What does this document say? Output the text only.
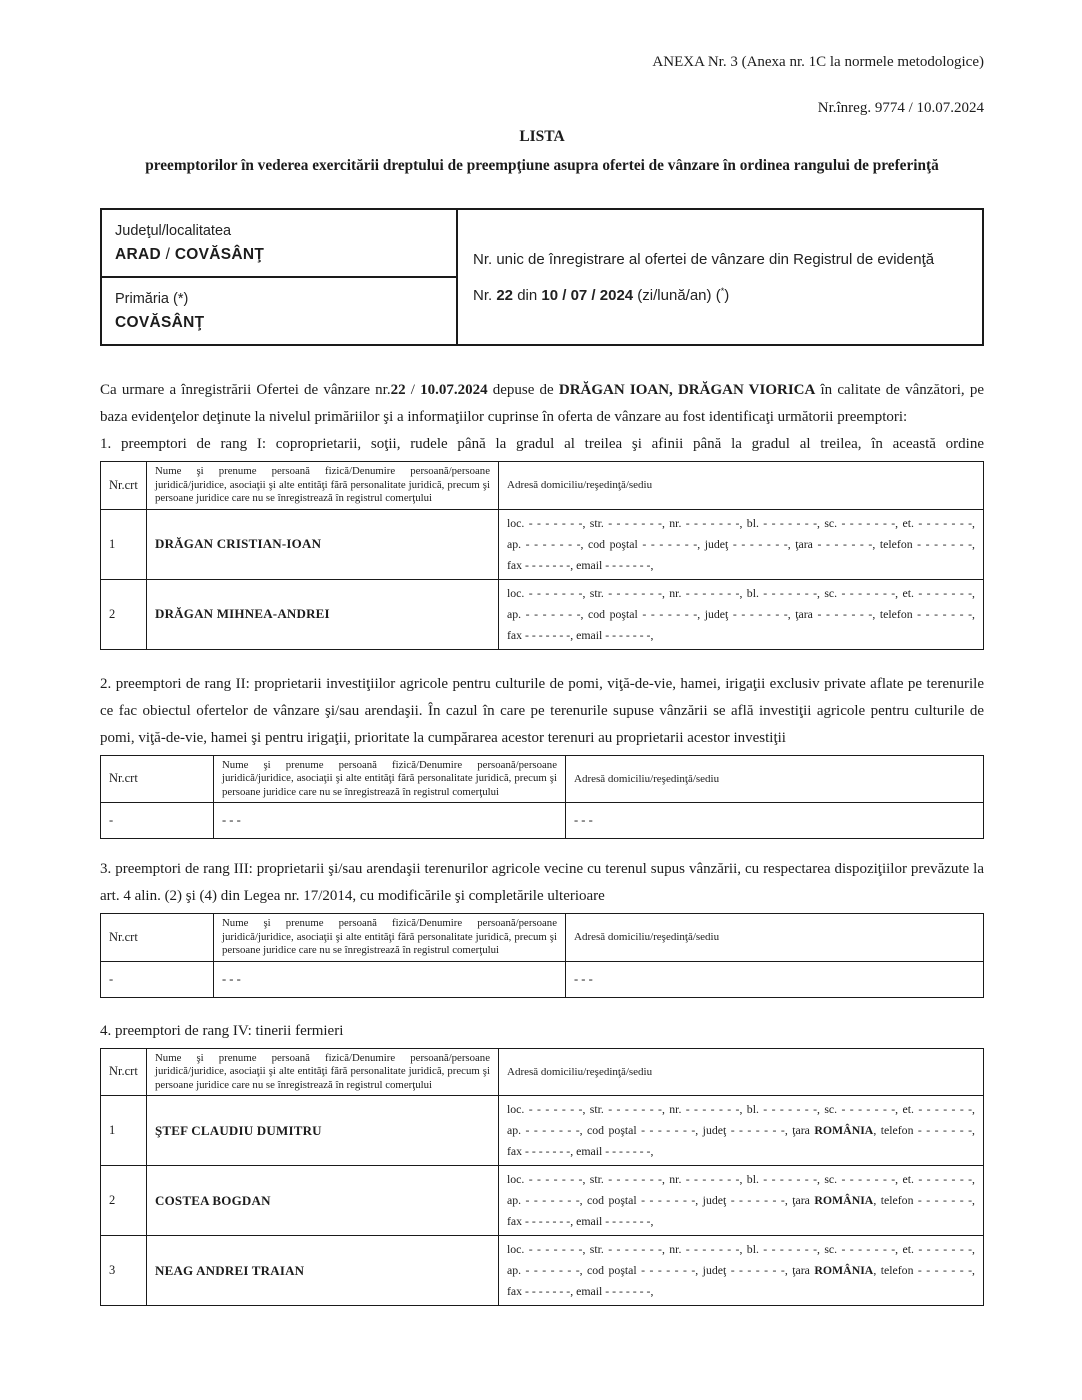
ANEXA Nr. 3 (Anexa nr. 1C la normele metodologice)
Nr.înreg. 9774 / 10.07.2024
LISTA
preemptorilor în vederea exercitării dreptului de preempţiune asupra ofertei de vânzare în ordinea rangului de preferinţă
Judeţul/localitatea
ARAD / COVĂSÂNŢ	Nr. unic de înregistrare al ofertei de vânzare din Registrul de evidenţă
Nr. 22 din 10 / 07 / 2024 (zi/lună/an) (*)

Primăria (*)
COVĂSÂNŢ

Ca urmare a înregistrării Ofertei de vânzare nr.22 / 10.07.2024 depuse de DRĂGAN IOAN, DRĂGAN VIORICA în calitate de vânzători, pe baza evidenţelor deţinute la nivelul primăriilor şi a informaţiilor cuprinse în oferta de vânzare au fost identificaţi următorii preemptori:

1. preemptori de rang I: coproprietarii, soţii, rudele până la gradul al treilea şi afinii până la gradul al treilea, în această ordine

Nr.crt	Nume şi prenume persoană fizică/Denumire persoană/persoane juridică/juridice, asociaţii şi alte entităţi fără personalitate juridică, precum şi persoane juridice care nu se înregistrează în registrul comerţului	Adresă domiciliu/reşedinţă/sediu
1	DRĂGAN CRISTIAN-IOAN	loc. - - - - - - -, str. - - - - - - -, nr. - - - - - - -, bl. - - - - - - -, sc. - - - - - - -, et. - - - - - - -,
ap. - - - - - - -, cod poştal - - - - - - -, judeţ - - - - - - -, ţara - - - - - - -, telefon - - - - - - -,
fax - - - - - - -, email - - - - - - -,

2	DRĂGAN MIHNEA-ANDREI	loc. - - - - - - -, str. - - - - - - -, nr. - - - - - - -, bl. - - - - - - -, sc. - - - - - - -, et. - - - - - - -,
ap. - - - - - - -, cod poştal - - - - - - -, judeţ - - - - - - -, ţara - - - - - - -, telefon - - - - - - -,
fax - - - - - - -, email - - - - - - -,

2. preemptori de rang II: proprietarii investiţiilor agricole pentru culturile de pomi, viţă-de-vie, hamei, irigaţii exclusiv private aflate pe terenurile ce fac obiectul ofertelor de vânzare şi/sau arendaşii. În cazul în care pe terenurile supuse vânzării se află investiţii agricole pentru culturile de pomi, viţă-de-vie, hamei şi pentru irigaţii, prioritate la cumpărarea acestor terenuri au proprietarii acestor investiţii

Nr.crt	Nume şi prenume persoană fizică/Denumire persoană/persoane juridică/juridice, asociaţii şi alte entităţi fără personalitate juridică, precum şi persoane juridice care nu se înregistrează în registrul comerţului	Adresă domiciliu/reşedinţă/sediu
-	- - -	- - -

3. preemptori de rang III: proprietarii şi/sau arendaşii terenurilor agricole vecine cu terenul supus vânzării, cu respectarea dispoziţiilor prevăzute la art. 4 alin. (2) şi (4) din Legea nr. 17/2014, cu modificările şi completările ulterioare

Nr.crt	Nume şi prenume persoană fizică/Denumire persoană/persoane juridică/juridice, asociaţii şi alte entităţi fără personalitate juridică, precum şi persoane juridice care nu se înregistrează în registrul comerţului	Adresă domiciliu/reşedinţă/sediu
-	- - -	- - -

4. preemptori de rang IV: tinerii fermieri

Nr.crt	Nume şi prenume persoană fizică/Denumire persoană/persoane juridică/juridice, asociaţii şi alte entităţi fără personalitate juridică, precum şi persoane juridice care nu se înregistrează în registrul comerţului	Adresă domiciliu/reşedinţă/sediu
1	ŞTEF CLAUDIU DUMITRU	loc. - - - - - - -, str. - - - - - - -, nr. - - - - - - -, bl. - - - - - - -, sc. - - - - - - -, et. - - - - - - -,
ap. - - - - - - -, cod poştal - - - - - - -, judeţ - - - - - - -, ţara ROMÂNIA, telefon - - - - - - -,
fax - - - - - - -, email - - - - - - -,

2	COSTEA BOGDAN	loc. - - - - - - -, str. - - - - - - -, nr. - - - - - - -, bl. - - - - - - -, sc. - - - - - - -, et. - - - - - - -,
ap. - - - - - - -, cod poştal - - - - - - -, judeţ - - - - - - -, ţara ROMÂNIA, telefon - - - - - - -,
fax - - - - - - -, email - - - - - - -,

3	NEAG ANDREI TRAIAN	loc. - - - - - - -, str. - - - - - - -, nr. - - - - - - -, bl. - - - - - - -, sc. - - - - - - -, et. - - - - - - -,
ap. - - - - - - -, cod poştal - - - - - - -, judeţ - - - - - - -, ţara ROMÂNIA, telefon - - - - - - -,
fax - - - - - - -, email - - - - - - -,
